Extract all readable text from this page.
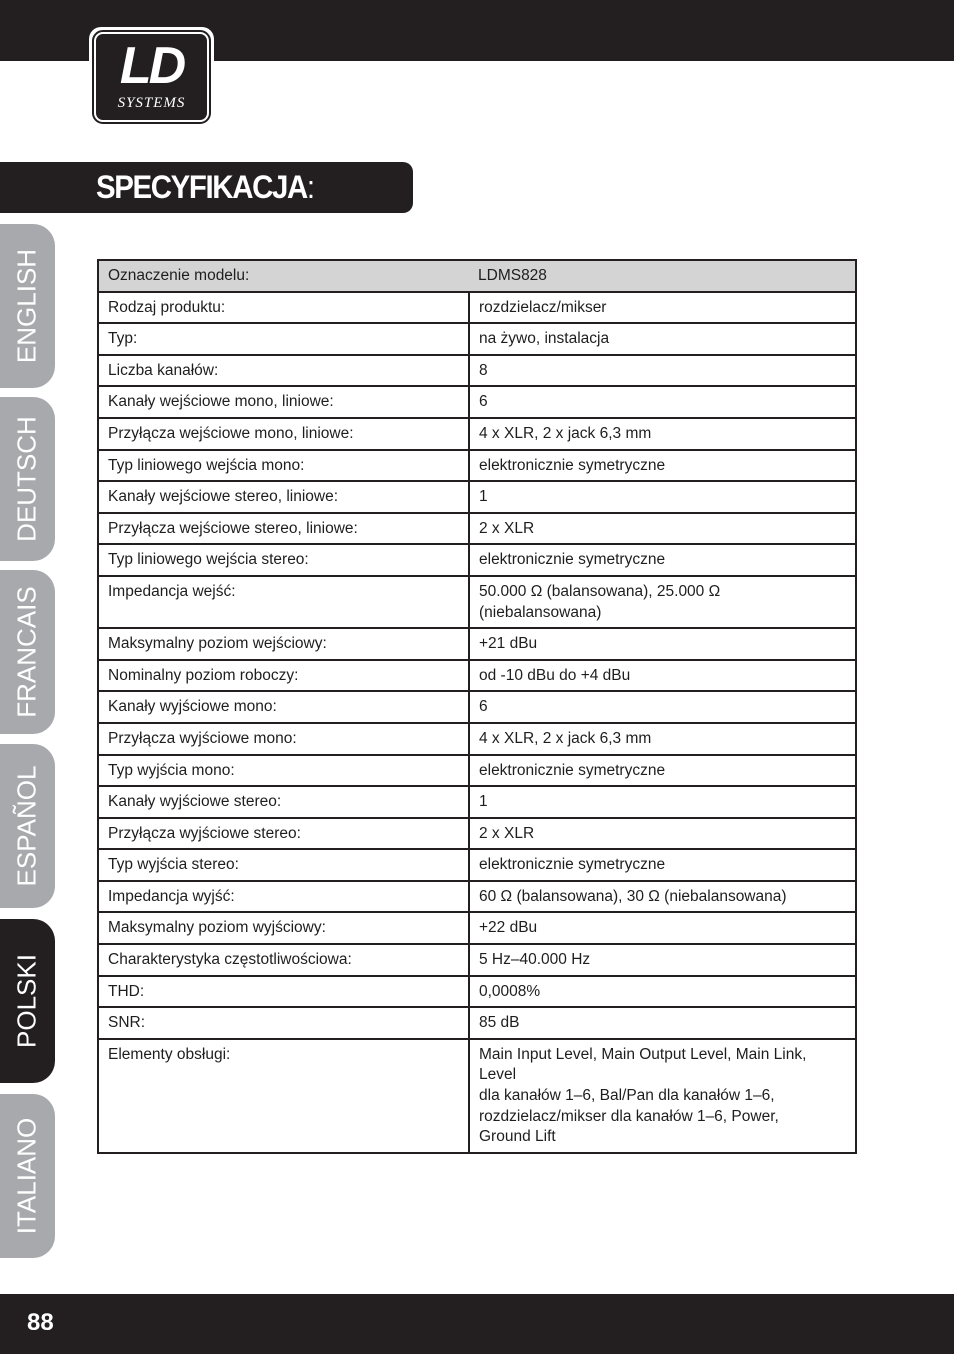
LD
SYSTEMS
SPECYFIKACJA:
ENGLISH
DEUTSCH
FRANCAIS
ESPAÑOL
POLSKI
ITALIANO
Oznaczenie modelu:	LDMS828
Rodzaj produktu:	rozdzielacz/mikser
Typ:	na żywo, instalacja
Liczba kanałów:	8
Kanały wejściowe mono, liniowe:	6
Przyłącza wejściowe mono, liniowe:	4 x XLR, 2 x jack 6,3 mm
Typ liniowego wejścia mono:	elektronicznie symetryczne
Kanały wejściowe stereo, liniowe:	1
Przyłącza wejściowe stereo, liniowe:	2 x XLR
Typ liniowego wejścia stereo:	elektronicznie symetryczne
Impedancja wejść:	50.000 Ω (balansowana), 25.000 Ω (niebalansowana)
Maksymalny poziom wejściowy:	+21 dBu
Nominalny poziom roboczy:	od -10 dBu do +4 dBu
Kanały wyjściowe mono:	6
Przyłącza wyjściowe mono:	4 x XLR, 2 x jack 6,3 mm
Typ wyjścia mono:	elektronicznie symetryczne
Kanały wyjściowe stereo:	1
Przyłącza wyjściowe stereo:	2 x XLR
Typ wyjścia stereo:	elektronicznie symetryczne
Impedancja wyjść:	60 Ω (balansowana), 30 Ω (niebalansowana)
Maksymalny poziom wyjściowy:	+22 dBu
Charakterystyka częstotliwościowa:	5 Hz–40.000 Hz
THD:	0,0008%
SNR:	85 dB
Elementy obsługi:	Main Input Level, Main Output Level, Main Link, Level
dla kanałów 1–6, Bal/Pan dla kanałów 1–6,
rozdzielacz/mikser dla kanałów 1–6, Power,
Ground Lift
88
